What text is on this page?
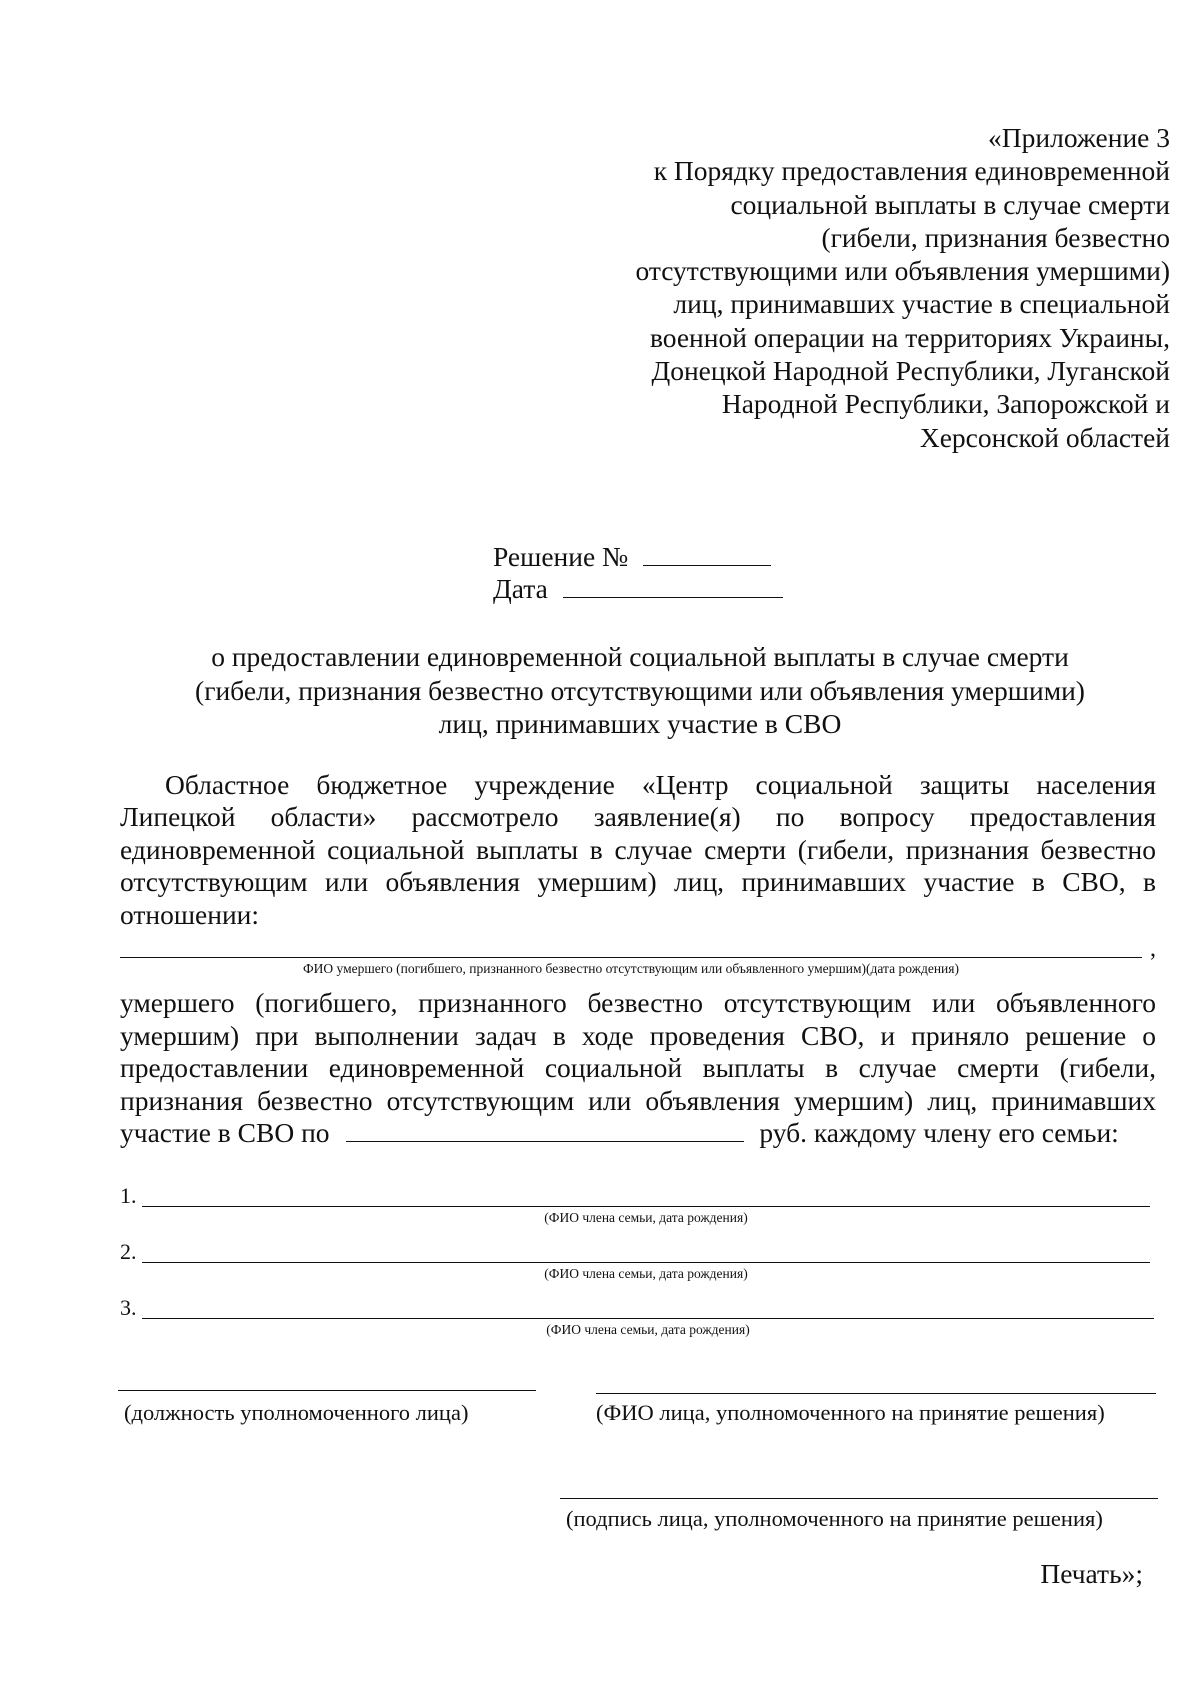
«Приложение 3
к Порядку предоставления единовременной
социальной выплаты в случае смерти
(гибели, признания безвестно
отсутствующими или объявления умершими)
лиц, принимавших участие в специальной
военной операции на территориях Украины,
Донецкой Народной Республики, Луганской
Народной Республики, Запорожской и
Херсонской областей
Решение №
Дата
о предоставлении единовременной социальной выплаты в случае смерти
(гибели, признания безвестно отсутствующими или объявления умершими)
лиц, принимавших участие в СВО
Областное бюджетное учреждение «Центр социальной защиты населения
Липецкой области» рассмотрело заявление(я) по вопросу предоставления
единовременной социальной выплаты в случае смерти (гибели, признания безвестно
отсутствующим или объявления умершим) лиц, принимавших участие в СВО, в
отношении:
,
ФИО умершего (погибшего, признанного безвестно отсутствующим или объявленного умершим)(дата рождения)
умершего (погибшего, признанного безвестно отсутствующим или объявленного
умершим) при выполнении задач в ходе проведения СВО, и приняло решение о
предоставлении единовременной социальной выплаты в случае смерти (гибели,
признания безвестно отсутствующим или объявления умершим) лиц, принимавших
участие в СВО по	руб. каждому члену его семьи:
1.
(ФИО члена семьи, дата рождения)
2.
(ФИО члена семьи, дата рождения)
3.
(ФИО члена семьи, дата рождения)
(должность уполномоченного лица)	(ФИО лица, уполномоченного на принятие решения)
(подпись лица, уполномоченного на принятие решения)
Печать»;
